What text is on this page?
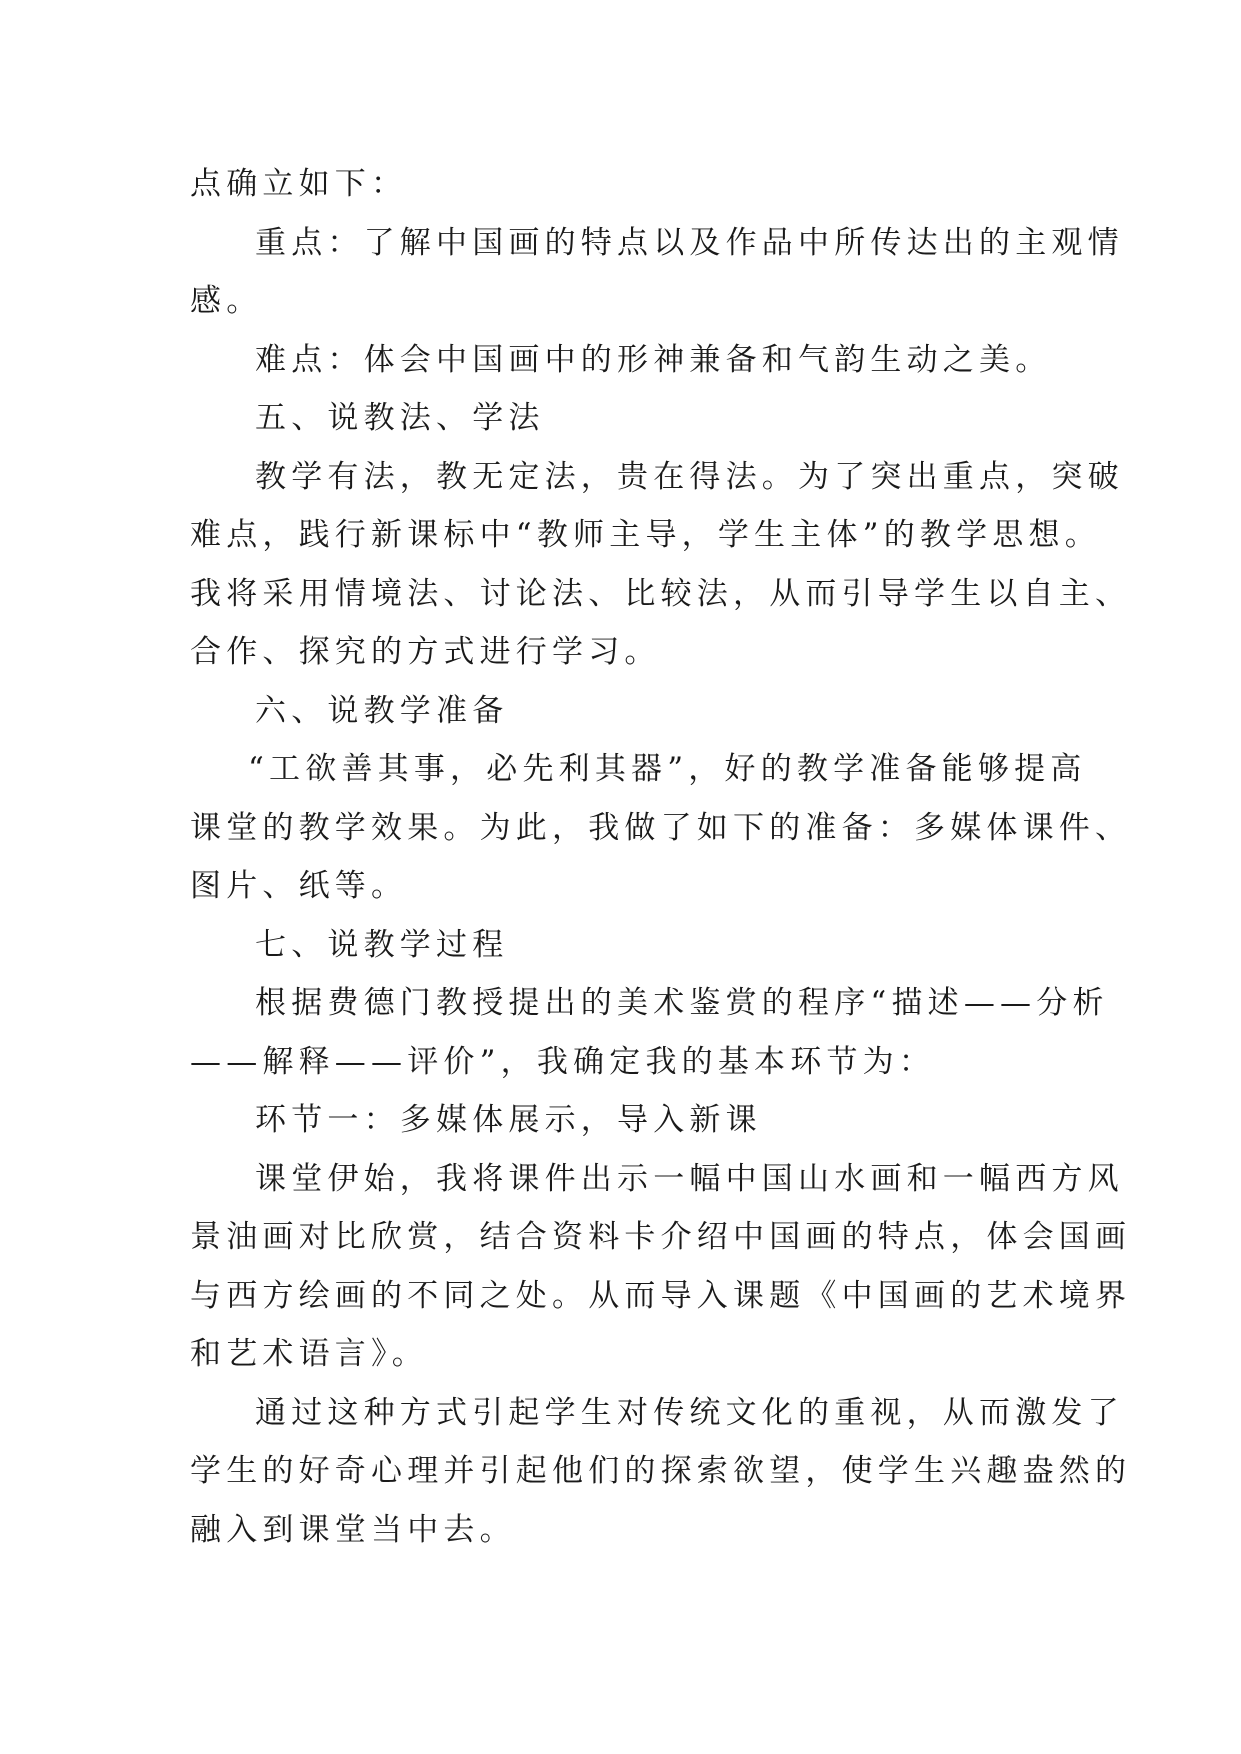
点确立如下：
重点：了解中国画的特点以及作品中所传达出的主观情
感。
难点：体会中国画中的形神兼备和气韵生动之美。
五、说教法、学法
教学有法，教无定法，贵在得法。为了突出重点，突破
难点，践行新课标中“教师主导，学生主体”的教学思想。
我将采用情境法、讨论法、比较法，从而引导学生以自主、
合作、探究的方式进行学习。
六、说教学准备
“工欲善其事，必先利其器”，好的教学准备能够提高
课堂的教学效果。为此，我做了如下的准备：多媒体课件、
图片、纸等。
七、说教学过程
根据费德门教授提出的美术鉴赏的程序“描述——分析
——解释——评价”，我确定我的基本环节为：
环节一：多媒体展示，导入新课
课堂伊始，我将课件出示一幅中国山水画和一幅西方风
景油画对比欣赏，结合资料卡介绍中国画的特点，体会国画
与西方绘画的不同之处。从而导入课题《中国画的艺术境界
和艺术语言》。
通过这种方式引起学生对传统文化的重视，从而激发了
学生的好奇心理并引起他们的探索欲望，使学生兴趣盎然的
融入到课堂当中去。
